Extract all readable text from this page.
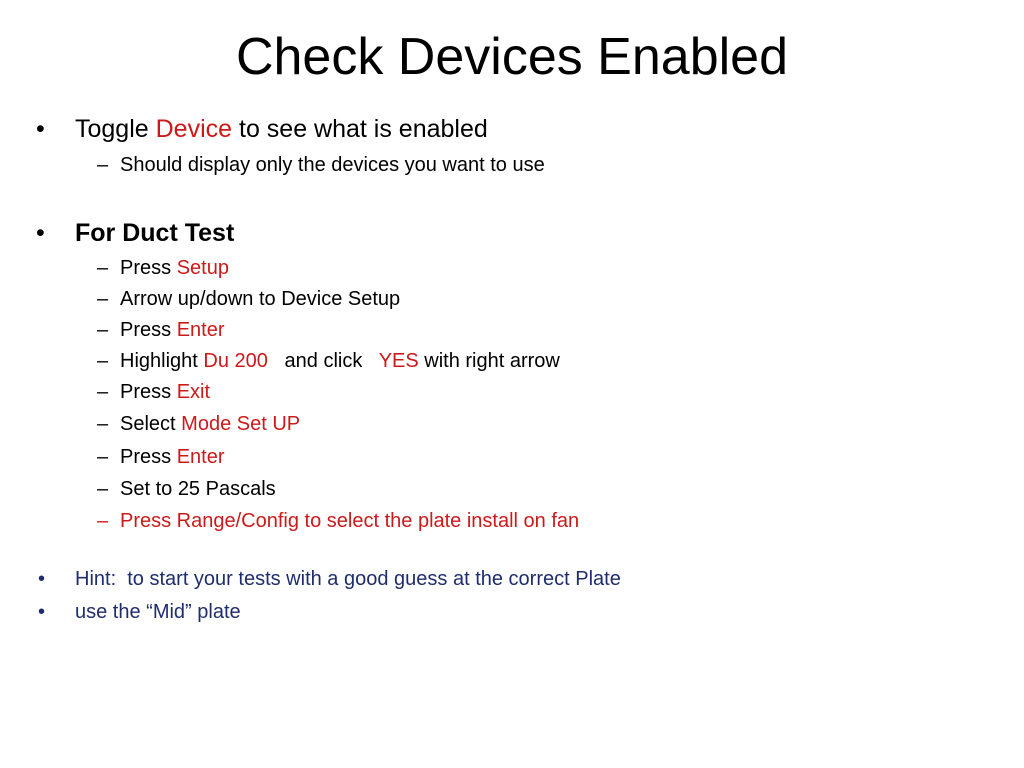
Check Devices Enabled
• Toggle Device to see what is enabled
– Should display only the devices you want to use
• For Duct Test
– Press Setup
– Arrow up/down to Device Setup
– Press Enter
– Highlight Du 200   and click   YES with right arrow
– Press Exit
– Select Mode Set UP
– Press Enter
– Set to 25 Pascals
– Press Range/Config to select the plate install on fan
• Hint:  to start your tests with a good guess at the correct Plate
• use the “Mid” plate
